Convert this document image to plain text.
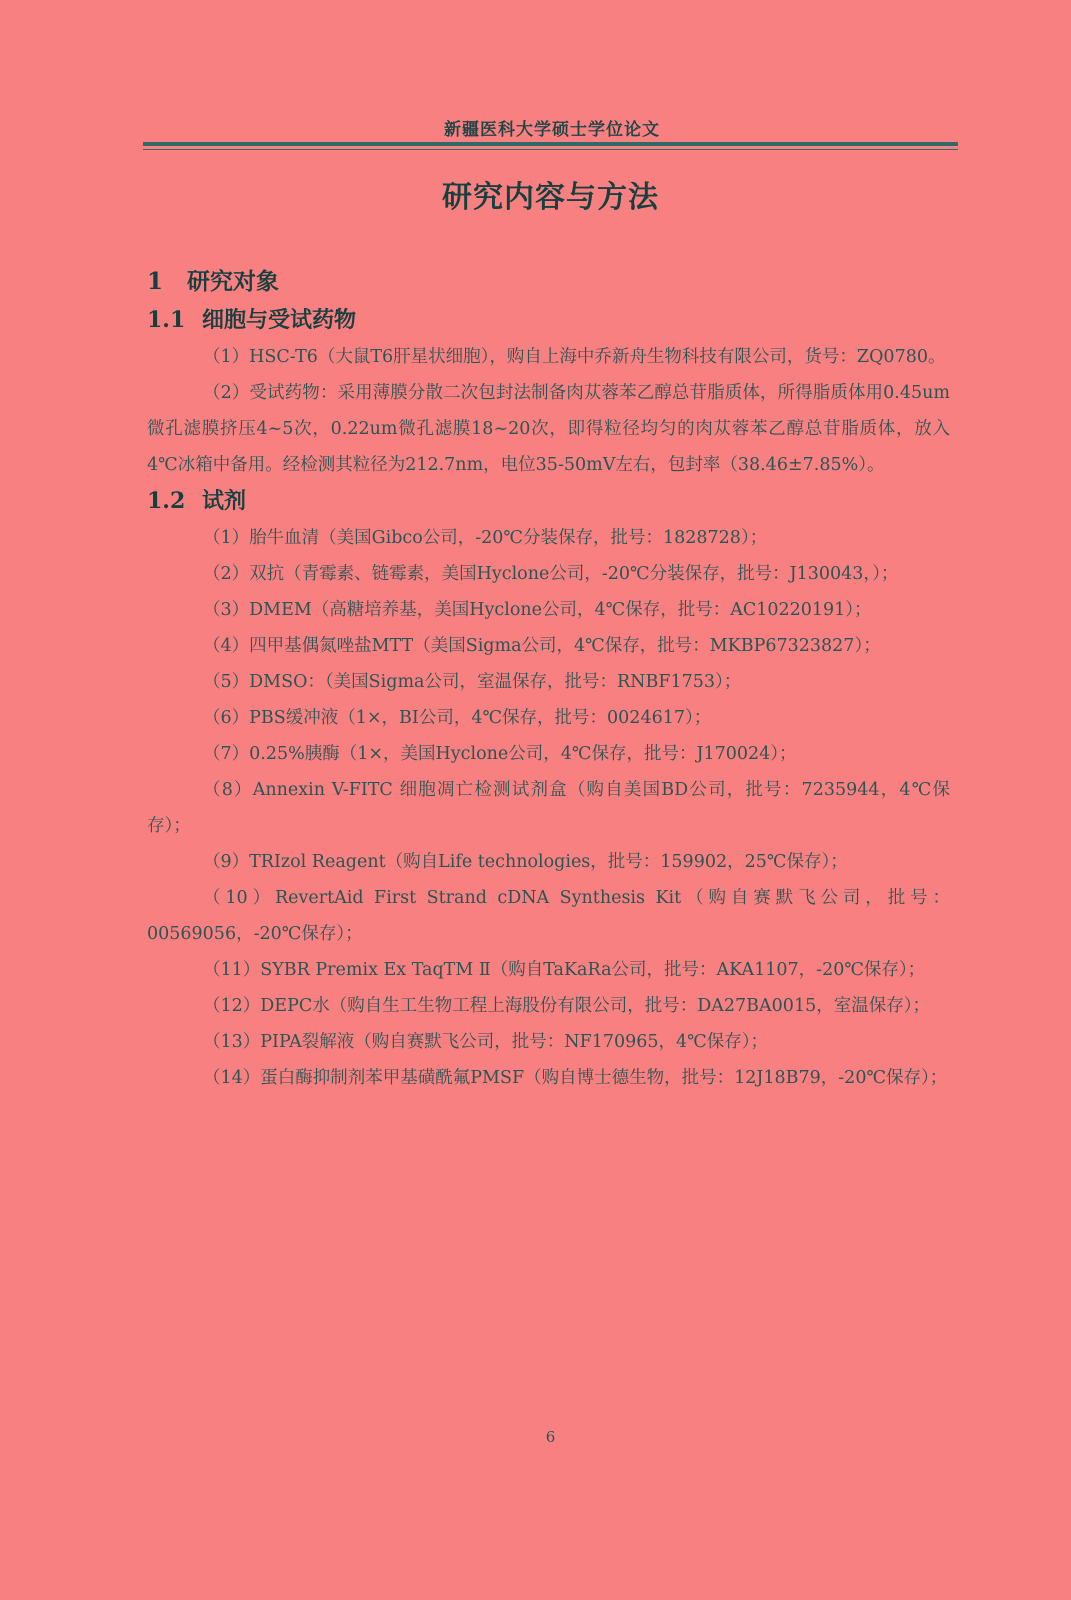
新疆医科大学硕士学位论文
研究内容与方法
1 研究对象
1.1 细胞与受试药物

（1）HSC-T6（大鼠T6肝星状细胞），购自上海中乔新舟生物科技有限公司，货号：ZQ0780。

（2）受试药物：采用薄膜分散二次包封法制备肉苁蓉苯乙醇总苷脂质体，所得脂质体用0.45um微孔滤膜挤压4~5次，0.22um微孔滤膜18~20次，即得粒径均匀的肉苁蓉苯乙醇总苷脂质体，放入4℃冰箱中备用。经检测其粒径为212.7nm，电位35-50mV左右，包封率（38.46±7.85%）。

1.2 试剂

（1）胎牛血清（美国Gibco公司，-20℃分装保存，批号：1828728）；

（2）双抗（青霉素、链霉素，美国Hyclone公司，-20℃分装保存，批号：J130043，）；

（3）DMEM（高糖培养基，美国Hyclone公司，4℃保存，批号：AC10220191）；

（4）四甲基偶氮唑盐MTT（美国Sigma公司，4℃保存，批号：MKBP67323827）；

（5）DMSO：（美国Sigma公司，室温保存，批号：RNBF1753）；

（6）PBS缓冲液（1×，BI公司，4℃保存，批号：0024617）；

（7）0.25%胰酶（1×，美国Hyclone公司，4℃保存，批号：J170024）；

（8）Annexin V-FITC 细胞凋亡检测试剂盒（购自美国BD公司，批号：7235944，4℃保存）；

（9）TRIzol Reagent（购自Life technologies，批号：159902，25℃保存）；

（10）RevertAid First Strand cDNA Synthesis Kit（购自赛默飞公司，批号：00569056，-20℃保存）；

（11）SYBR Premix Ex TaqTM Ⅱ（购自TaKaRa公司，批号：AKA1107，-20℃保存）；

（12）DEPC水（购自生工生物工程上海股份有限公司，批号：DA27BA0015，室温保存）；

（13）PIPA裂解液（购自赛默飞公司，批号：NF170965，4℃保存）；

（14）蛋白酶抑制剂苯甲基磺酰氟PMSF（购自博士德生物，批号：12J18B79，-20℃保存）；

6
